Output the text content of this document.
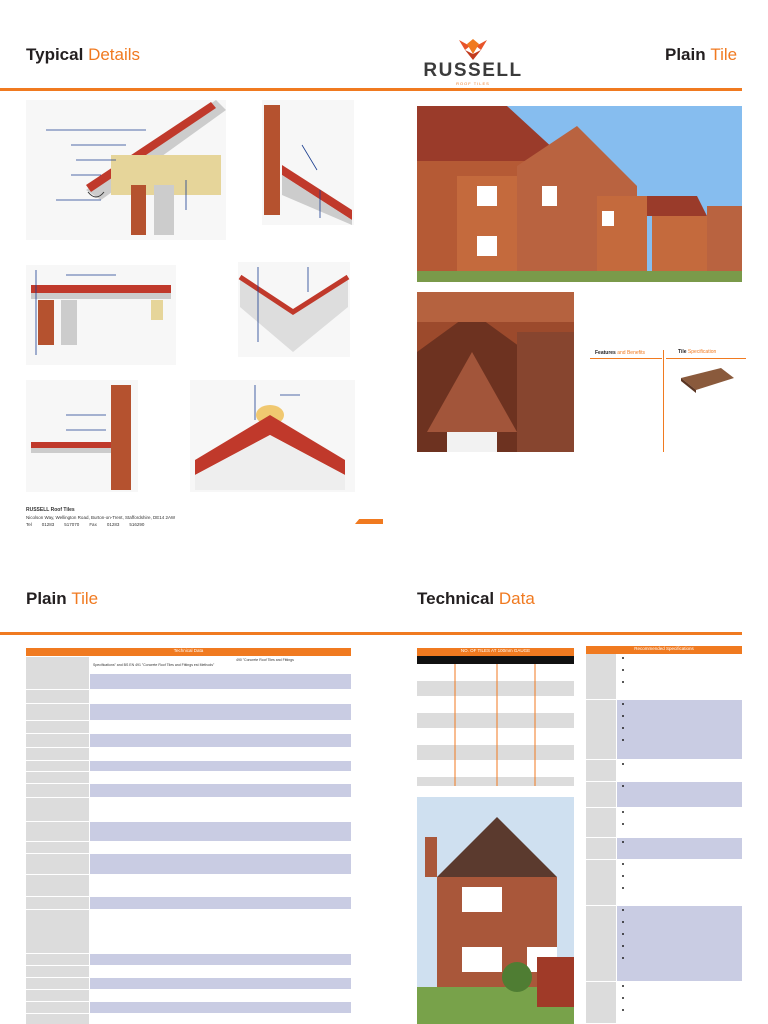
Typical Details
RUSSELL
ROOF TILES
Plain Tile
RUSSELL Roof Tiles
Nicolson Way, Wellington Road, Burton-on-Trent, Staffordshire, DE14 2AW
Tel 01283 517070 Fax 01283 516290
Features and Benefits	Tile Specification
Plain Tile	Technical Data
Technical Data
490 "Concrete Roof Tiles and Fittings
Specifications" and BS EN 491 "Concrete Roof Tiles and Fittings est Methods"
NO. OF TILES AT 100mm GAUGE	Recommended Specifications
